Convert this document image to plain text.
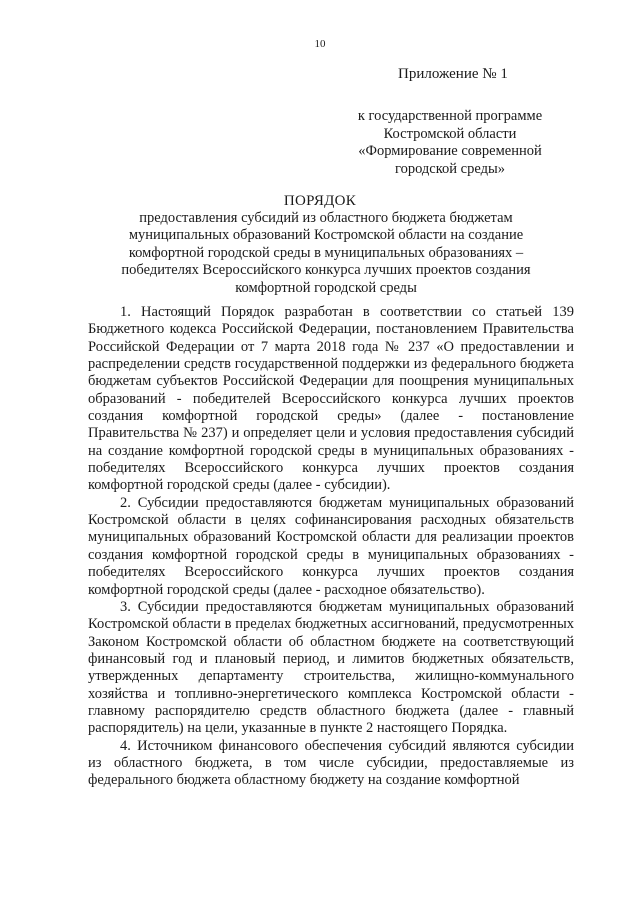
10
Приложение № 1
к государственной программе
Костромской области
«Формирование современной
городской среды»
ПОРЯДОК
предоставления субсидий из областного бюджета бюджетам
муниципальных образований Костромской области на создание
комфортной городской среды в муниципальных образованиях –
победителях Всероссийского конкурса лучших проектов создания
комфортной городской среды

1. Настоящий Порядок разработан в соответствии со статьей 139 Бюджетного кодекса Российской Федерации, постановлением Правительства Российской Федерации от 7 марта 2018 года № 237 «О предоставлении и распределении средств государственной поддержки из федерального бюджета бюджетам субъектов Российской Федерации для поощрения муниципальных образований - победителей Всероссийского конкурса лучших проектов создания комфортной городской среды» (далее - постановление Правительства № 237) и определяет цели и условия предоставления субсидий на создание комфортной городской среды в муниципальных образованиях - победителях Всероссийского конкурса лучших проектов создания комфортной городской среды (далее - субсидии).

2. Субсидии предоставляются бюджетам муниципальных образований Костромской области в целях софинансирования расходных обязательств муниципальных образований Костромской области для реализации проектов создания комфортной городской среды в муниципальных образованиях - победителях Всероссийского конкурса лучших проектов создания комфортной городской среды (далее - расходное обязательство).

3. Субсидии предоставляются бюджетам муниципальных образований Костромской области в пределах бюджетных ассигнований, предусмотренных Законом Костромской области об областном бюджете на соответствующий финансовый год и плановый период, и лимитов бюджетных обязательств, утвержденных департаменту строительства, жилищно-коммунального хозяйства и топливно-энергетического комплекса Костромской области - главному распорядителю средств областного бюджета (далее - главный распорядитель) на цели, указанные в пункте 2 настоящего Порядка.

4. Источником финансового обеспечения субсидий являются субсидии из областного бюджета, в том числе субсидии, предоставляемые из федерального бюджета областному бюджету на создание комфортной
